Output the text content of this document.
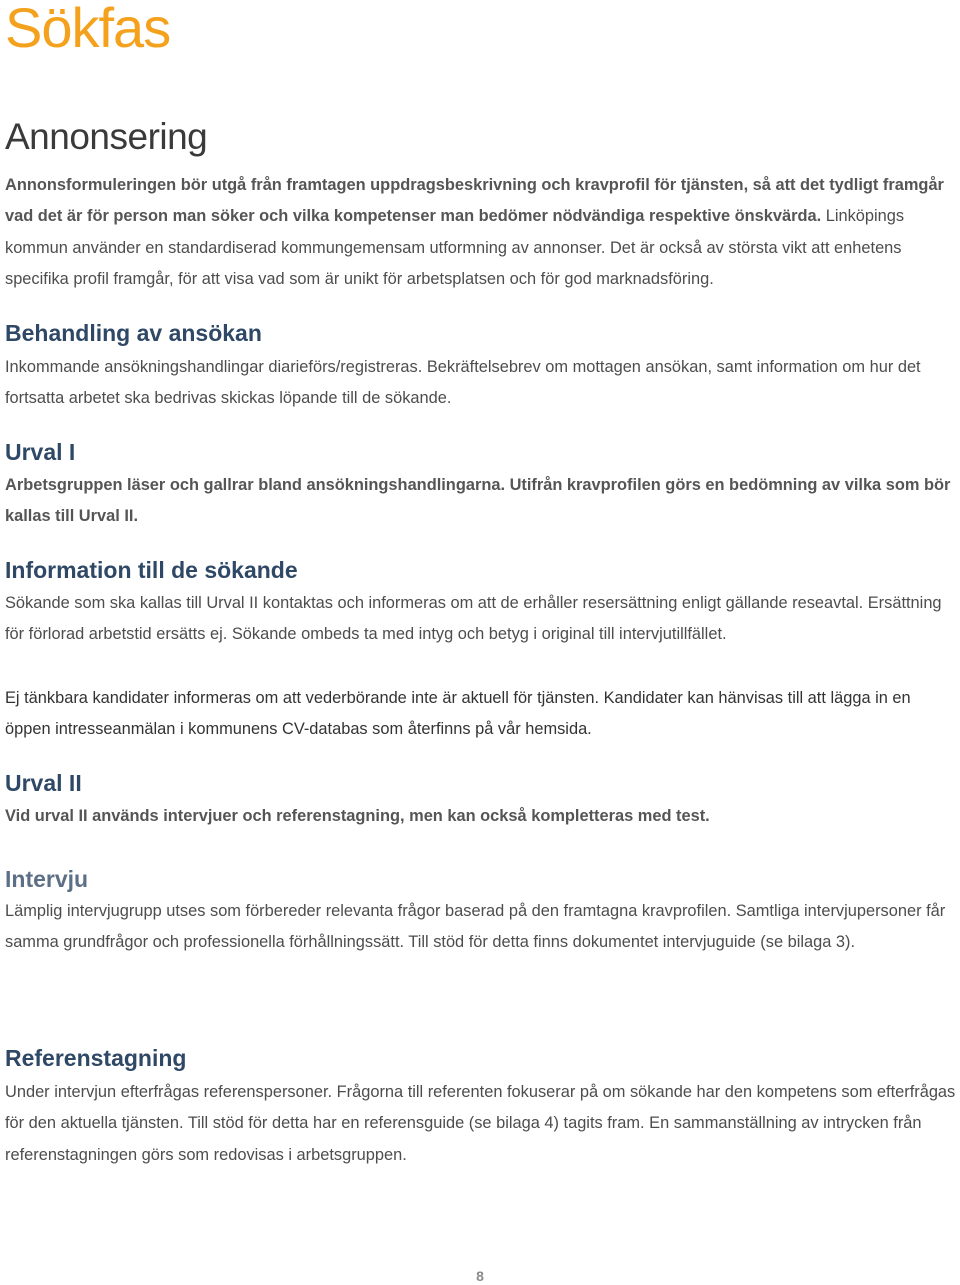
Sökfas
Annonsering

Annonsformuleringen bör utgå från framtagen uppdragsbeskrivning och kravprofil för tjänsten, så att det tydligt framgår vad det är för person man söker och vilka kompetenser man bedömer nödvändiga respektive önskvärda. Linköpings kommun använder en standardiserad kommungemensam utformning av annonser. Det är också av största vikt att enhetens specifika profil framgår, för att visa vad som är unikt för arbetsplatsen och för god marknadsföring.

Behandling av ansökan

Inkommande ansökningshandlingar diarieförs/registreras. Bekräftelsebrev om mottagen ansökan, samt information om hur det fortsatta arbetet ska bedrivas skickas löpande till de sökande.

Urval I

Arbetsgruppen läser och gallrar bland ansökningshandlingarna. Utifrån kravprofilen görs en bedömning av vilka som bör kallas till Urval II.

Information till de sökande

Sökande som ska kallas till Urval II kontaktas och informeras om att de erhåller resersättning enligt gällande reseavtal. Ersättning för förlorad arbetstid ersätts ej. Sökande ombeds ta med intyg och betyg i original till intervjutillfället.

Ej tänkbara kandidater informeras om att vederbörande inte är aktuell för tjänsten. Kandidater kan hänvisas till att lägga in en öppen intresseanmälan i kommunens CV-databas som återfinns på vår hemsida.

Urval II

Vid urval II används intervjuer och referenstagning, men kan också kompletteras med test.

Intervju

Lämplig intervjugrupp utses som förbereder relevanta frågor baserad på den framtagna kravprofilen. Samtliga intervjupersoner får samma grundfrågor och professionella förhållningssätt. Till stöd för detta finns dokumentet intervjuguide (se bilaga 3).

Referenstagning

Under intervjun efterfrågas referenspersoner. Frågorna till referenten fokuserar på om sökande har den kompetens som efterfrågas för den aktuella tjänsten. Till stöd för detta har en referensguide (se bilaga 4) tagits fram. En sammanställning av intrycken från referenstagningen görs som redovisas i arbetsgruppen.

8
